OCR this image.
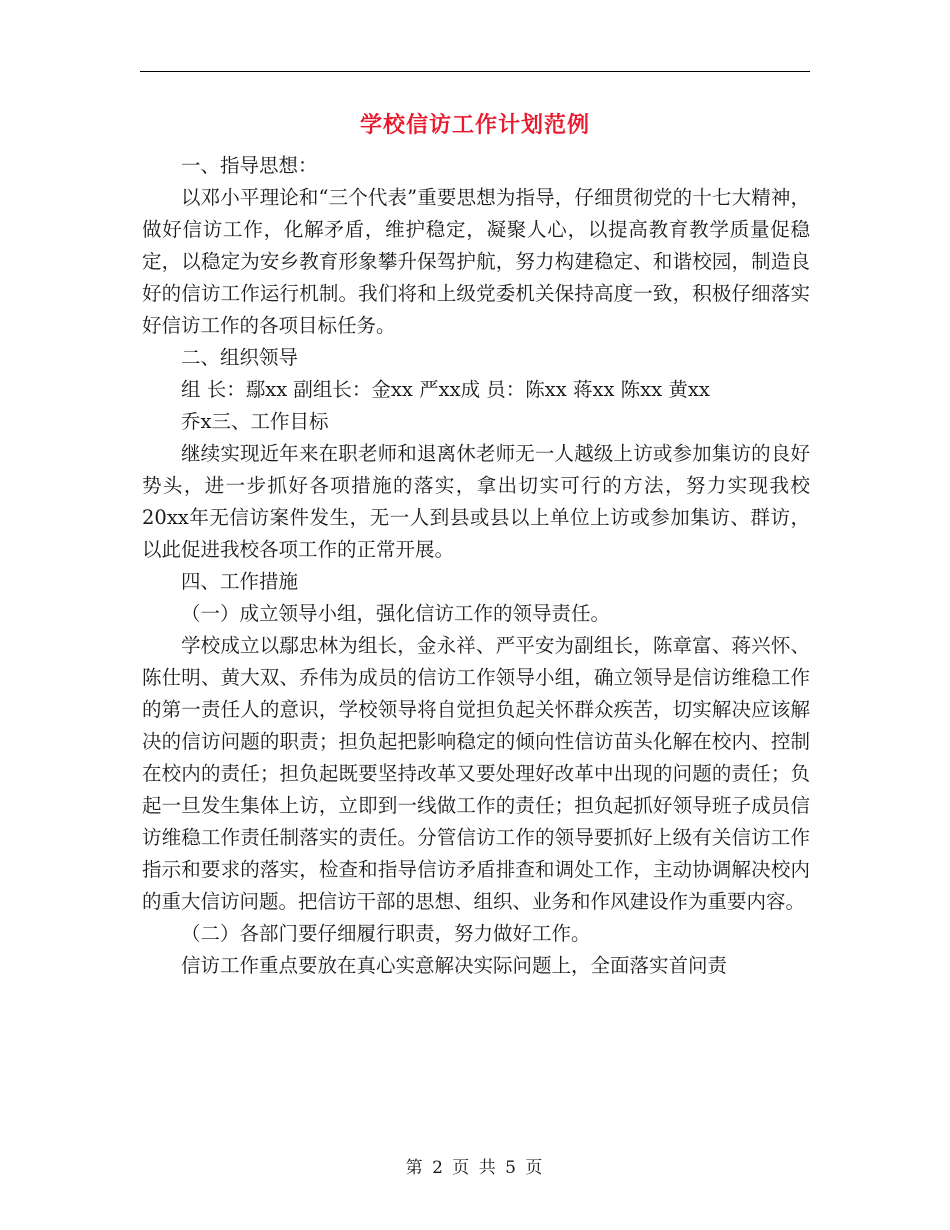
学校信访工作计划范例

一、指导思想：

以邓小平理论和“三个代表”重要思想为指导，仔细贯彻党的十七大精神，做好信访工作，化解矛盾，维护稳定，凝聚人心，以提高教育教学质量促稳定，以稳定为安乡教育形象攀升保驾护航，努力构建稳定、和谐校园，制造良好的信访工作运行机制。我们将和上级党委机关保持高度一致，积极仔细落实好信访工作的各项目标任务。

二、组织领导

组 长：鄢xx 副组长：金xx 严xx成 员：陈xx 蒋xx 陈xx 黄xx

乔x三、工作目标

继续实现近年来在职老师和退离休老师无一人越级上访或参加集访的良好势头，进一步抓好各项措施的落实，拿出切实可行的方法，努力实现我校20xx年无信访案件发生，无一人到县或县以上单位上访或参加集访、群访，以此促进我校各项工作的正常开展。

四、工作措施

（一）成立领导小组，强化信访工作的领导责任。

学校成立以鄢忠林为组长，金永祥、严平安为副组长，陈章富、蒋兴怀、陈仕明、黄大双、乔伟为成员的信访工作领导小组，确立领导是信访维稳工作的第一责任人的意识，学校领导将自觉担负起关怀群众疾苦，切实解决应该解决的信访问题的职责；担负起把影响稳定的倾向性信访苗头化解在校内、控制在校内的责任；担负起既要坚持改革又要处理好改革中出现的问题的责任；负起一旦发生集体上访，立即到一线做工作的责任；担负起抓好领导班子成员信访维稳工作责任制落实的责任。分管信访工作的领导要抓好上级有关信访工作指示和要求的落实，检查和指导信访矛盾排查和调处工作，主动协调解决校内的重大信访问题。把信访干部的思想、组织、业务和作风建设作为重要内容。

（二）各部门要仔细履行职责，努力做好工作。

信访工作重点要放在真心实意解决实际问题上，全面落实首问责

第 2 页 共 5 页
